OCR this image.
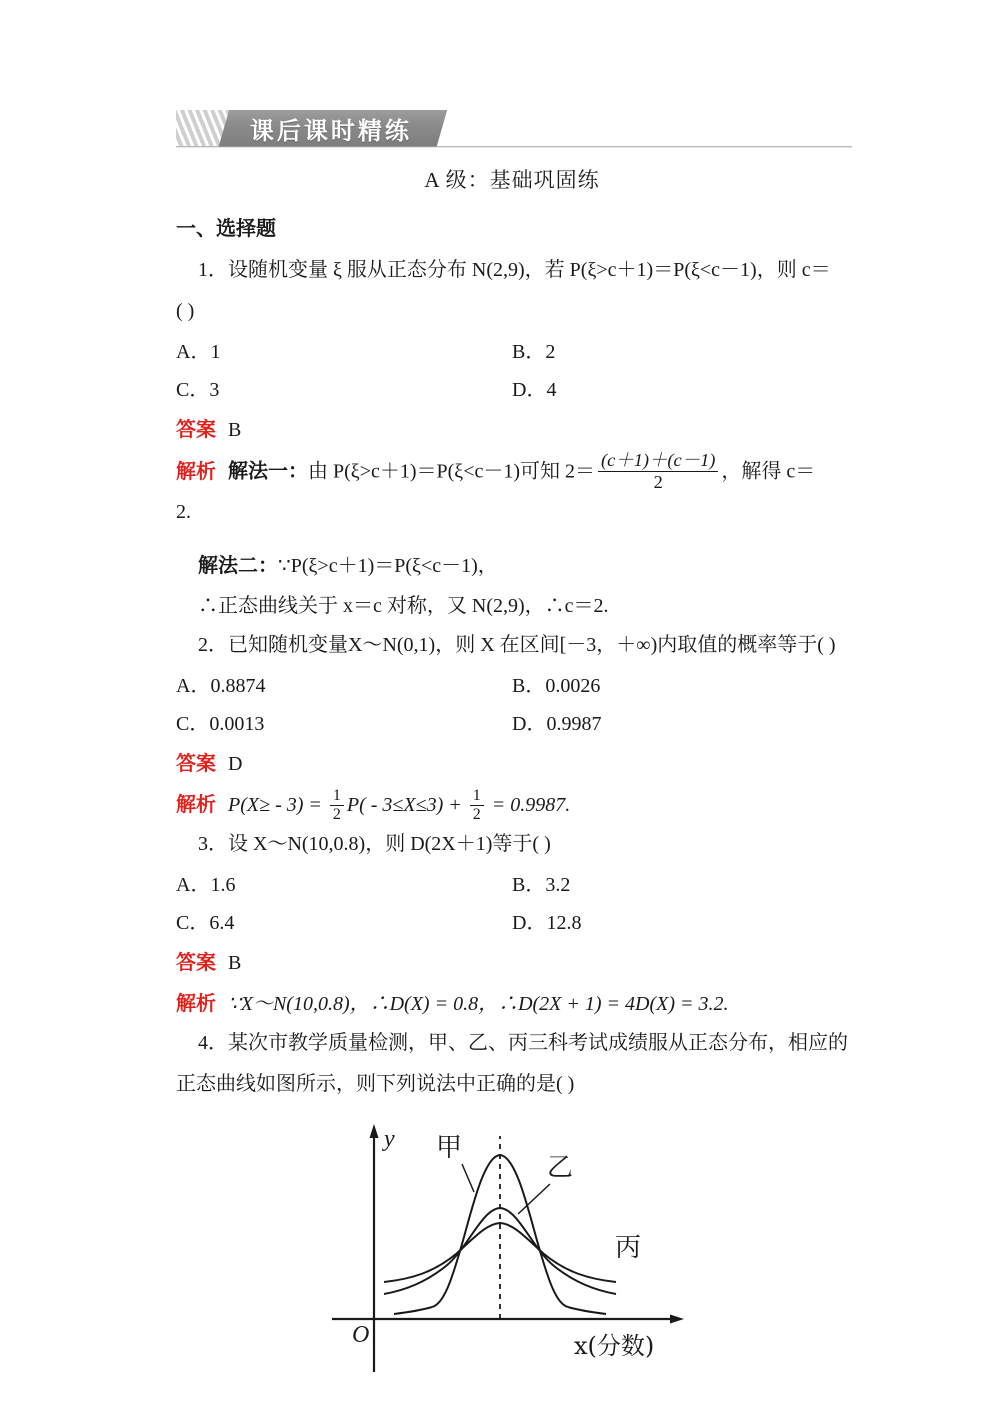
课后课时精练
A 级：基础巩固练
一、选择题
1．设随机变量 ξ 服从正态分布 N(2,9)，若 P(ξ>c＋1)＝P(ξ<c－1)，则 c＝
( )
A．1	B．2
C．3	D．4
答案 B
解析 解法一：由 P(ξ>c＋1)＝P(ξ<c－1)可知 $2= \frac{(c+1)+(c-1)}{2}$ ，解得 c＝
2.
解法二：∵P(ξ>c＋1)＝P(ξ<c－1)，
∴正态曲线关于 x＝c 对称，又 N(2,9)，∴c＝2.
2．已知随机变量X～N(0,1)，则 X 在区间[－3，＋∞)内取值的概率等于( )
A．0.8874	B．0.0026
C．0.0013	D．0.9987
答案 D
解析 $P(X\ge - 3) = \frac{1}{2} P( - 3\le X\le 3) + \frac{1}{2} = 0.9987$.
3．设 X～N(10,0.8)，则 D(2X＋1)等于( )
A．1.6	B．3.2
C．6.4	D．12.8
答案 B
解析 ∵X～N(10,0.8)，∴D(X) = 0.8，∴D(2X + 1) = 4D(X) = 3.2.
4．某次市教学质量检测，甲、乙、丙三科考试成绩服从正态分布，相应的
正态曲线如图所示，则下列说法中正确的是( )
甲
乙
丙
y
O	x(分数)
